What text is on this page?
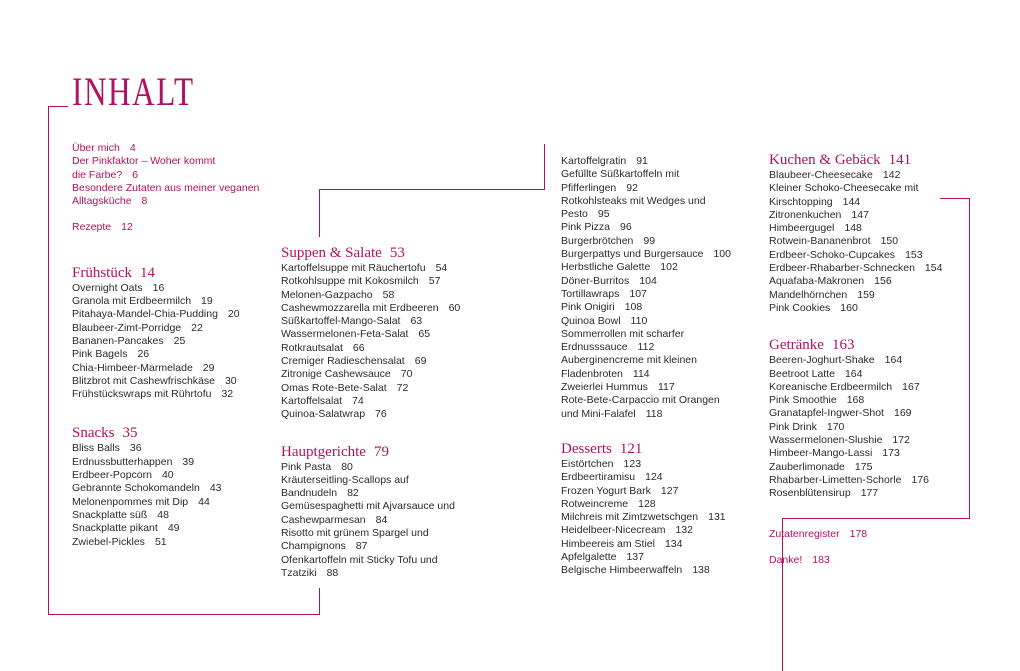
INHALT
Über mich 4
Der Pinkfaktor – Woher kommt
die Farbe? 6
Besondere Zutaten aus meiner veganen
Alltagsküche 8
Rezepte 12
Frühstück 14
Overnight Oats 16
Granola mit Erdbeermilch 19
Pitahaya-Mandel-Chia-Pudding 20
Blaubeer-Zimt-Porridge 22
Bananen-Pancakes 25
Pink Bagels 26
Chia-Himbeer-Marmelade 29
Blitzbrot mit Cashewfrischkäse 30
Frühstückswraps mit Rührtofu 32
Snacks 35
Bliss Balls 36
Erdnussbutterhappen 39
Erdbeer-Popcorn 40
Gebrannte Schokomandeln 43
Melonenpommes mit Dip 44
Snackplatte süß 48
Snackplatte pikant 49
Zwiebel-Pickles 51
Suppen & Salate 53
Kartoffelsuppe mit Räuchertofu 54
Rotkohlsuppe mit Kokosmilch 57
Melonen-Gazpacho 58
Cashewmozzarella mit Erdbeeren 60
Süßkartoffel-Mango-Salat 63
Wassermelonen-Feta-Salat 65
Rotkrautsalat 66
Cremiger Radieschensalat 69
Zitronige Cashewsauce 70
Omas Rote-Bete-Salat 72
Kartoffelsalat 74
Quinoa-Salatwrap 76
Hauptgerichte 79
Pink Pasta 80
Kräuterseitling-Scallops auf
Bandnudeln 82
Gemüsespaghetti mit Ajvarsauce und
Cashewparmesan 84
Risotto mit grünem Spargel und
Champignons 87
Ofenkartoffeln mit Sticky Tofu und
Tzatziki 88
Kartoffelgratin 91
Gefüllte Süßkartoffeln mit
Pfifferlingen 92
Rotkohlsteaks mit Wedges und
Pesto 95
Pink Pizza 96
Burgerbrötchen 99
Burgerpattys und Burgersauce 100
Herbstliche Galette 102
Döner-Burritos 104
Tortillawraps 107
Pink Onigiri 108
Quinoa Bowl 110
Sommerrollen mit scharfer
Erdnusssauce 112
Auberginencreme mit kleinen
Fladenbroten 114
Zweierlei Hummus 117
Rote-Bete-Carpaccio mit Orangen
und Mini-Falafel 118
Desserts 121
Eistörtchen 123
Erdbeertiramisu 124
Frozen Yogurt Bark 127
Rotweincreme 128
Milchreis mit Zimtzwetschgen 131
Heidelbeer-Nicecream 132
Himbeereis am Stiel 134
Apfelgalette 137
Belgische Himbeerwaffeln 138
Kuchen & Gebäck 141
Blaubeer-Cheesecake 142
Kleiner Schoko-Cheesecake mit
Kirschtopping 144
Zitronenkuchen 147
Himbeergugel 148
Rotwein-Bananenbrot 150
Erdbeer-Schoko-Cupcakes 153
Erdbeer-Rhabarber-Schnecken 154
Aquafaba-Makronen 156
Mandelhörnchen 159
Pink Cookies 160
Getränke 163
Beeren-Joghurt-Shake 164
Beetroot Latte 164
Koreanische Erdbeermilch 167
Pink Smoothie 168
Granatapfel-Ingwer-Shot 169
Pink Drink 170
Wassermelonen-Slushie 172
Himbeer-Mango-Lassi 173
Zauberlimonade 175
Rhabarber-Limetten-Schorle 176
Rosenblütensirup 177
Zutatenregister 178
Danke! 183
